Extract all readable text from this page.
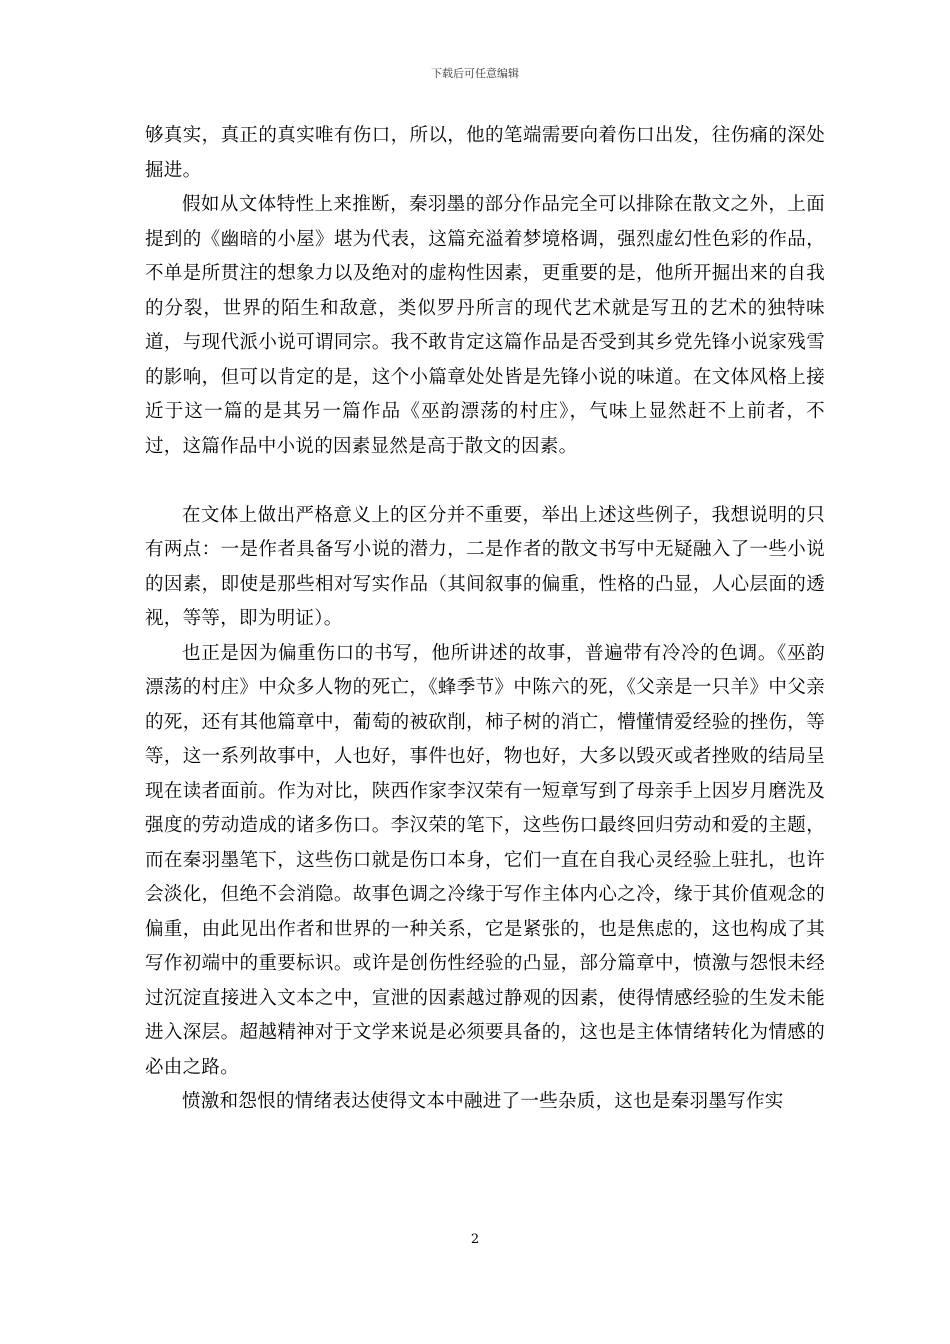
下载后可任意编辑

够真实，真正的真实唯有伤口，所以，他的笔端需要向着伤口出发，往伤痛的深处掘进。

假如从文体特性上来推断，秦羽墨的部分作品完全可以排除在散文之外，上面提到的《幽暗的小屋》堪为代表，这篇充溢着梦境格调，强烈虚幻性色彩的作品，不单是所贯注的想象力以及绝对的虚构性因素，更重要的是，他所开掘出来的自我的分裂，世界的陌生和敌意，类似罗丹所言的现代艺术就是写丑的艺术的独特味道，与现代派小说可谓同宗。我不敢肯定这篇作品是否受到其乡党先锋小说家残雪的影响，但可以肯定的是，这个小篇章处处皆是先锋小说的味道。在文体风格上接近于这一篇的是其另一篇作品《巫韵漂荡的村庄》，气味上显然赶不上前者，不过，这篇作品中小说的因素显然是高于散文的因素。

在文体上做出严格意义上的区分并不重要，举出上述这些例子，我想说明的只有两点：一是作者具备写小说的潜力，二是作者的散文书写中无疑融入了一些小说的因素，即使是那些相对写实作品（其间叙事的偏重，性格的凸显，人心层面的透视，等等，即为明证）。

也正是因为偏重伤口的书写，他所讲述的故事，普遍带有冷冷的色调。《巫韵漂荡的村庄》中众多人物的死亡，《蜂季节》中陈六的死，《父亲是一只羊》中父亲的死，还有其他篇章中，葡萄的被砍削，柿子树的消亡，懵懂情爱经验的挫伤，等等，这一系列故事中，人也好，事件也好，物也好，大多以毁灭或者挫败的结局呈现在读者面前。作为对比，陕西作家李汉荣有一短章写到了母亲手上因岁月磨洗及强度的劳动造成的诸多伤口。李汉荣的笔下，这些伤口最终回归劳动和爱的主题，而在秦羽墨笔下，这些伤口就是伤口本身，它们一直在自我心灵经验上驻扎，也许会淡化，但绝不会消隐。故事色调之冷缘于写作主体内心之冷，缘于其价值观念的偏重，由此见出作者和世界的一种关系，它是紧张的，也是焦虑的，这也构成了其写作初端中的重要标识。或许是创伤性经验的凸显，部分篇章中，愤激与怨恨未经过沉淀直接进入文本之中，宣泄的因素越过静观的因素，使得情感经验的生发未能进入深层。超越精神对于文学来说是必须要具备的，这也是主体情绪转化为情感的必由之路。

愤激和怨恨的情绪表达使得文本中融进了一些杂质，这也是秦羽墨写作实

2
